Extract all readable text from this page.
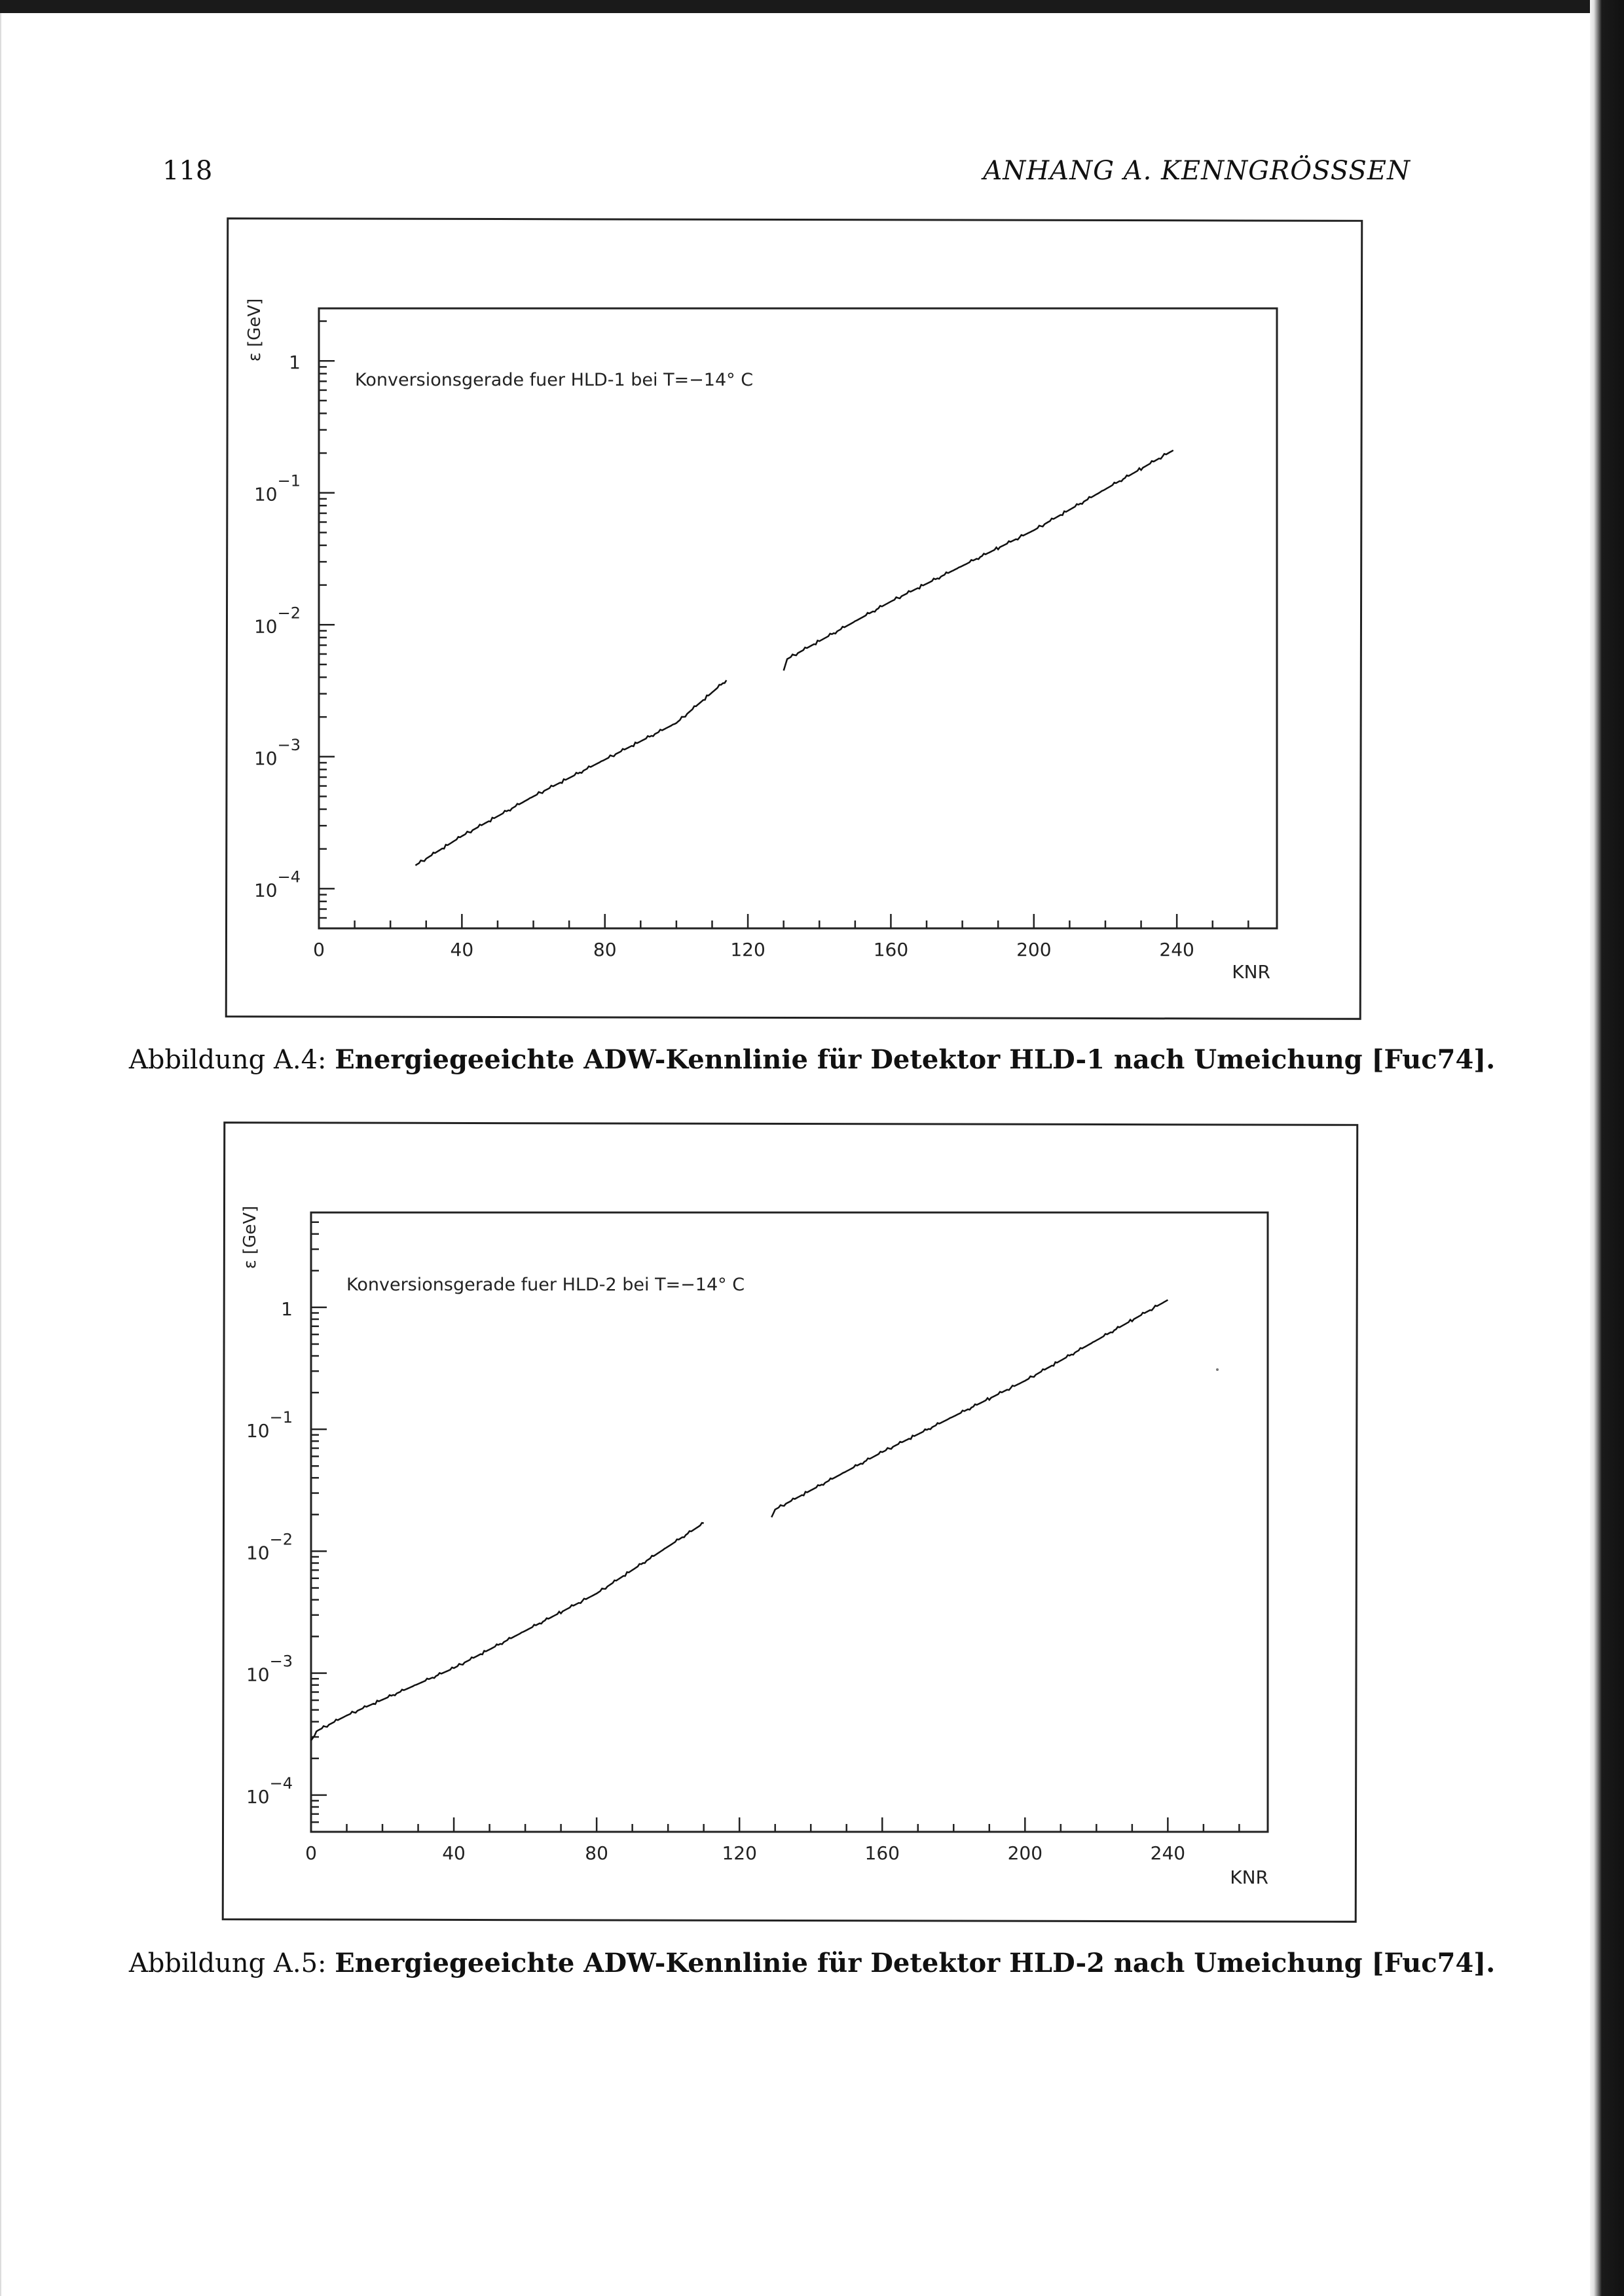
118	ANHANG A. KENNGRÖSSSEN
0	40	80	120	160	200	240
10−4
10−3
10−2
10−1
1
KNR
ε [GeV]
Konversionsgerade fuer HLD-1 bei T=−14° C
Abbildung A.4: Energiegeeichte ADW-Kennlinie für Detektor HLD-1 nach Umeichung [Fuc74].
0	40	80	120	160	200	240
10−4
10−3
10−2
10−1
1
KNR
ε [GeV]
Konversionsgerade fuer HLD-2 bei T=−14° C
Abbildung A.5: Energiegeeichte ADW-Kennlinie für Detektor HLD-2 nach Umeichung [Fuc74].
